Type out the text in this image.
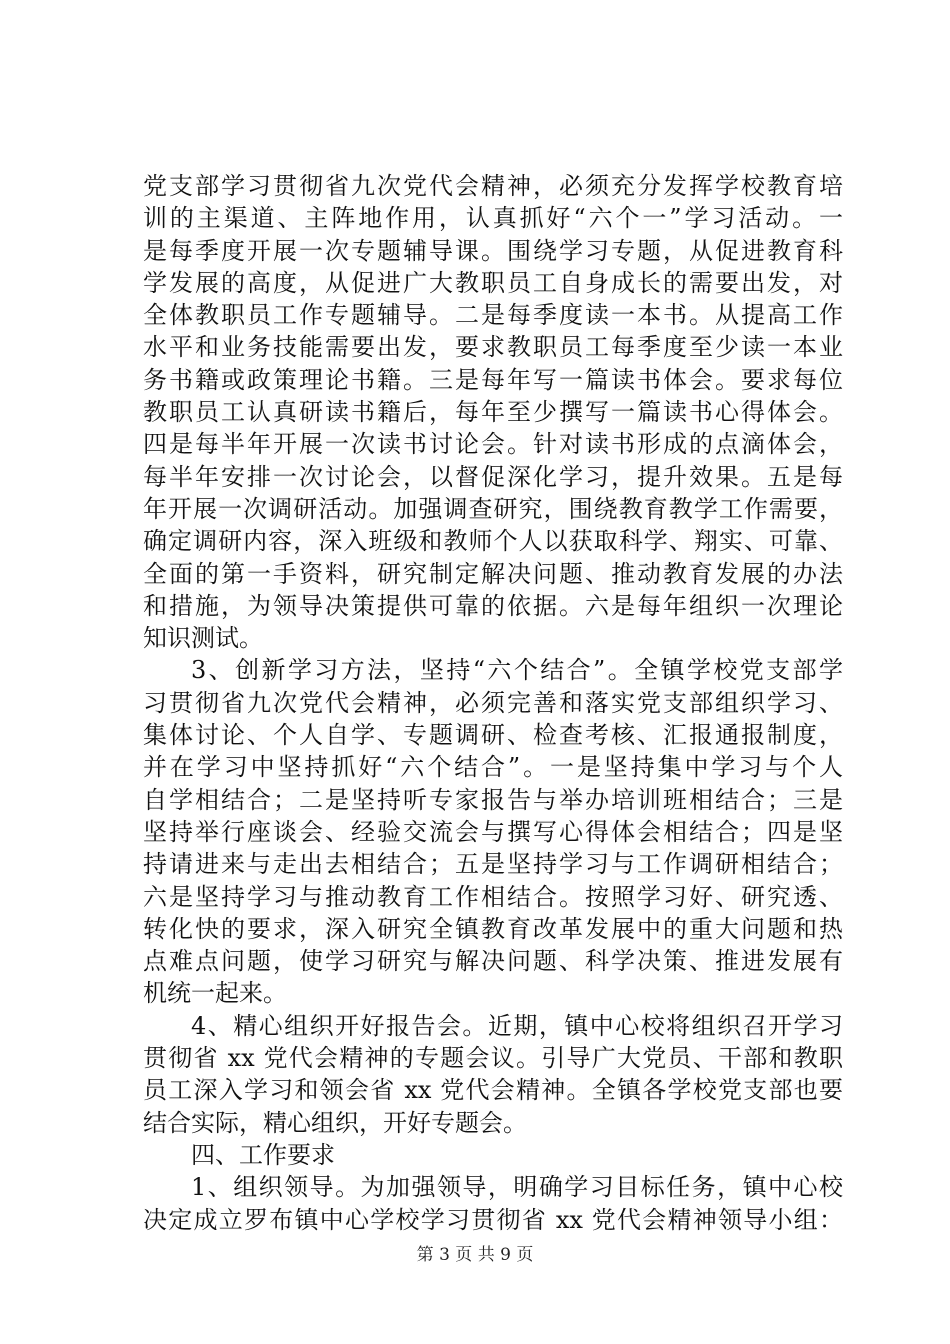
党支部学习贯彻省九次党代会精神，必须充分发挥学校教育培
训的主渠道、主阵地作用，认真抓好“六个一”学习活动。一
是每季度开展一次专题辅导课。围绕学习专题，从促进教育科
学发展的高度，从促进广大教职员工自身成长的需要出发，对
全体教职员工作专题辅导。二是每季度读一本书。从提高工作
水平和业务技能需要出发，要求教职员工每季度至少读一本业
务书籍或政策理论书籍。三是每年写一篇读书体会。要求每位
教职员工认真研读书籍后，每年至少撰写一篇读书心得体会。
四是每半年开展一次读书讨论会。针对读书形成的点滴体会，
每半年安排一次讨论会，以督促深化学习，提升效果。五是每
年开展一次调研活动。加强调查研究，围绕教育教学工作需要，
确定调研内容，深入班级和教师个人以获取科学、翔实、可靠、
全面的第一手资料，研究制定解决问题、推动教育发展的办法
和措施，为领导决策提供可靠的依据。六是每年组织一次理论
知识测试。
3、创新学习方法，坚持“六个结合”。全镇学校党支部学
习贯彻省九次党代会精神，必须完善和落实党支部组织学习、
集体讨论、个人自学、专题调研、检查考核、汇报通报制度，
并在学习中坚持抓好“六个结合”。一是坚持集中学习与个人
自学相结合；二是坚持听专家报告与举办培训班相结合；三是
坚持举行座谈会、经验交流会与撰写心得体会相结合；四是坚
持请进来与走出去相结合；五是坚持学习与工作调研相结合；
六是坚持学习与推动教育工作相结合。按照学习好、研究透、
转化快的要求，深入研究全镇教育改革发展中的重大问题和热
点难点问题，使学习研究与解决问题、科学决策、推进发展有
机统一起来。
4、精心组织开好报告会。近期，镇中心校将组织召开学习
贯彻省 xx 党代会精神的专题会议。引导广大党员、干部和教职
员工深入学习和领会省 xx 党代会精神。全镇各学校党支部也要
结合实际，精心组织，开好专题会。
四、工作要求
1、组织领导。为加强领导，明确学习目标任务，镇中心校
决定成立罗布镇中心学校学习贯彻省 xx 党代会精神领导小组：
第 3 页 共 9 页
